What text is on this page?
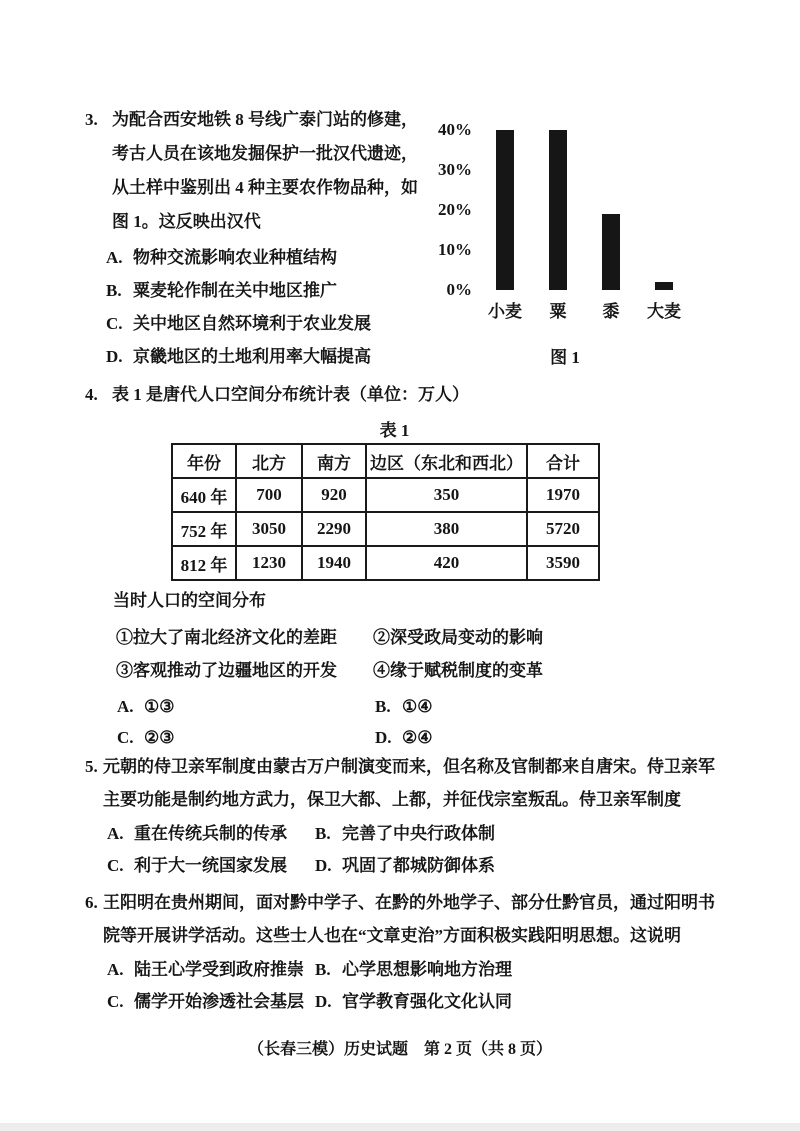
3. 为配合西安地铁 8 号线广泰门站的修建，
考古人员在该地发掘保护一批汉代遗迹，
从土样中鉴别出 4 种主要农作物品种，如
图 1。这反映出汉代
A. 物种交流影响农业种植结构
B. 粟麦轮作制在关中地区推广
C. 关中地区自然环境利于农业发展
D. 京畿地区的土地利用率大幅提高
0%
10%
20%
30%
40%
小麦	粟	黍	大麦
图 1
4. 表 1 是唐代人口空间分布统计表（单位：万人）
表 1
年份	北方	南方	边区（东北和西北）	合计
640 年	700	920	350	1970
752 年	3050	2290	380	5720
812 年	1230	1940	420	3590
当时人口的空间分布
①拉大了南北经济文化的差距	②深受政局变动的影响
③客观推动了边疆地区的开发	④缘于赋税制度的变革
A. ①③	B. ①④
C. ②③	D. ②④
5. 元朝的侍卫亲军制度由蒙古万户制演变而来，但名称及官制都来自唐宋。侍卫亲军
主要功能是制约地方武力，保卫大都、上都，并征伐宗室叛乱。侍卫亲军制度
A. 重在传统兵制的传承	B. 完善了中央行政体制
C. 利于大一统国家发展	D. 巩固了都城防御体系
6. 王阳明在贵州期间，面对黔中学子、在黔的外地学子、部分仕黔官员，通过阳明书
院等开展讲学活动。这些士人也在“文章吏治”方面积极实践阳明思想。这说明
A. 陆王心学受到政府推崇 B. 心学思想影响地方治理
C. 儒学开始渗透社会基层 D. 官学教育强化文化认同
（长春三模）历史试题　第 2 页（共 8 页）
